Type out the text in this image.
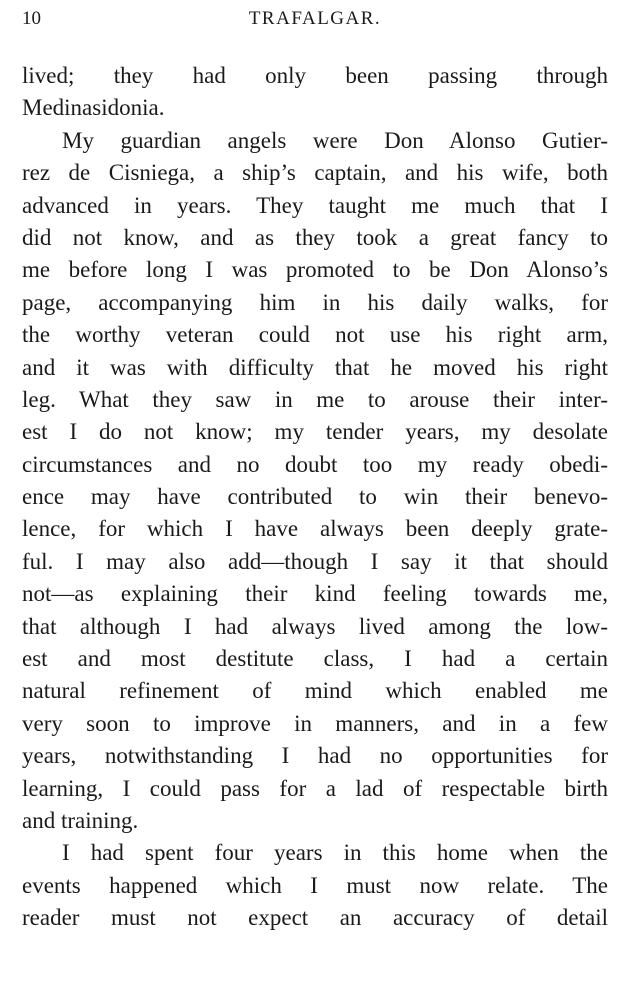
10	TRAFALGAR.
lived; they had only been passing through
Medinasidonia.
My guardian angels were Don Alonso Gutier-
rez de Cisniega, a ship’s captain, and his wife, both
advanced in years. They taught me much that I
did not know, and as they took a great fancy to
me before long I was promoted to be Don Alonso’s
page, accompanying him in his daily walks, for
the worthy veteran could not use his right arm,
and it was with difficulty that he moved his right
leg. What they saw in me to arouse their inter-
est I do not know; my tender years, my desolate
circumstances and no doubt too my ready obedi-
ence may have contributed to win their benevo-
lence, for which I have always been deeply grate-
ful. I may also add—though I say it that should
not—as explaining their kind feeling towards me,
that although I had always lived among the low-
est and most destitute class, I had a certain
natural refinement of mind which enabled me
very soon to improve in manners, and in a few
years, notwithstanding I had no opportunities for
learning, I could pass for a lad of respectable birth
and training.
I had spent four years in this home when the
events happened which I must now relate. The
reader must not expect an accuracy of detail
